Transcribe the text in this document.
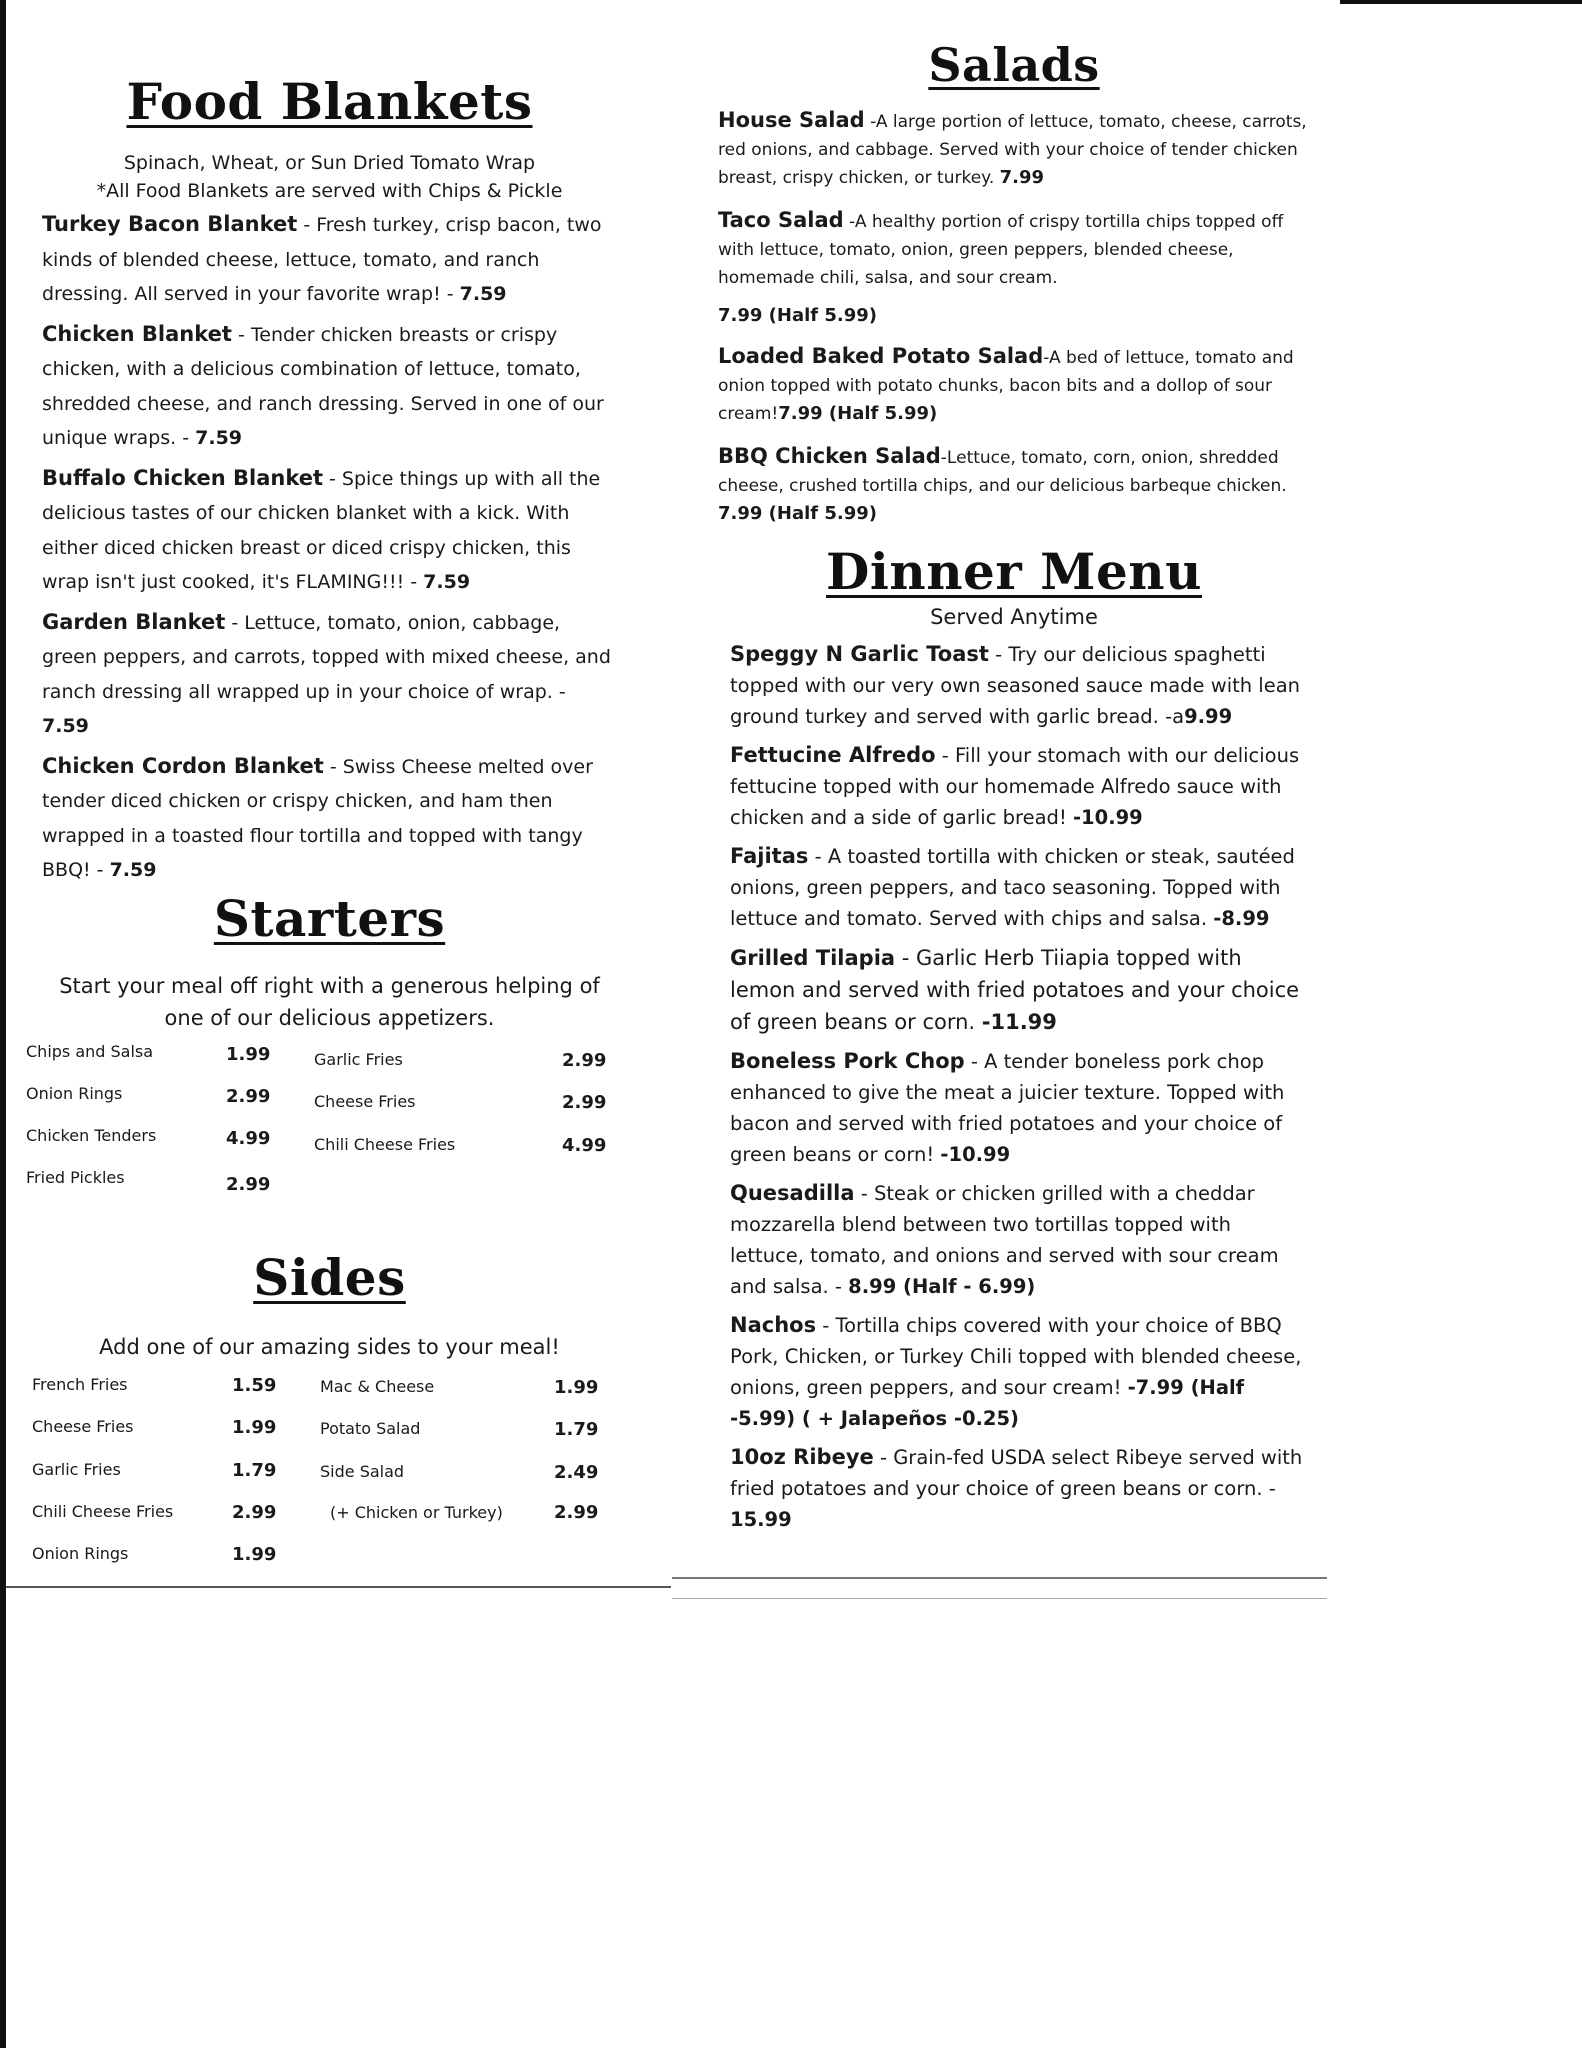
Food Blankets
Spinach, Wheat, or Sun Dried Tomato Wrap
*All Food Blankets are served with Chips & Pickle

Turkey Bacon Blanket - Fresh turkey, crisp bacon, two kinds of blended cheese, lettuce, tomato, and ranch dressing. All served in your favorite wrap! - 7.59

Chicken Blanket - Tender chicken breasts or crispy chicken, with a delicious combination of lettuce, tomato, shredded cheese, and ranch dressing. Served in one of our unique wraps. - 7.59

Buffalo Chicken Blanket - Spice things up with all the delicious tastes of our chicken blanket with a kick. With either diced chicken breast or diced crispy chicken, this wrap isn't just cooked, it's FLAMING!!! - 7.59

Garden Blanket - Lettuce, tomato, onion, cabbage, green peppers, and carrots, topped with mixed cheese, and ranch dressing all wrapped up in your choice of wrap. - 7.59

Chicken Cordon Blanket - Swiss Cheese melted over tender diced chicken or crispy chicken, and ham then wrapped in a toasted flour tortilla and topped with tangy BBQ! - 7.59

Starters
Start your meal off right with a generous helping of one of our delicious appetizers.
Chips and Salsa	1.99
Onion Rings	2.99
Chicken Tenders	4.99
Fried Pickles	2.99
Garlic Fries	2.99
Cheese Fries	2.99
Chili Cheese Fries	4.99
Sides
Add one of our amazing sides to your meal!
French Fries	1.59
Cheese Fries	1.99
Garlic Fries	1.79
Chili Cheese Fries	2.99
Onion Rings	1.99
Mac & Cheese	1.99
Potato Salad	1.79
Side Salad	2.49
(+ Chicken or Turkey)	2.99
Salads

House Salad -A large portion of lettuce, tomato, cheese, carrots, red onions, and cabbage. Served with your choice of tender chicken breast, crispy chicken, or turkey. 7.99

Taco Salad -A healthy portion of crispy tortilla chips topped off with lettuce, tomato, onion, green peppers, blended cheese, homemade chili, salsa, and sour cream.

7.99 (Half 5.99)

Loaded Baked Potato Salad-A bed of lettuce, tomato and onion topped with potato chunks, bacon bits and a dollop of sour cream!7.99 (Half 5.99)

BBQ Chicken Salad-Lettuce, tomato, corn, onion, shredded cheese, crushed tortilla chips, and our delicious barbeque chicken. 7.99 (Half 5.99)

Dinner Menu
Served Anytime

Speggy N Garlic Toast - Try our delicious spaghetti topped with our very own seasoned sauce made with lean ground turkey and served with garlic bread. -a9.99

Fettucine Alfredo - Fill your stomach with our delicious fettucine topped with our homemade Alfredo sauce with chicken and a side of garlic bread! -10.99

Fajitas - A toasted tortilla with chicken or steak, sautéed onions, green peppers, and taco seasoning. Topped with lettuce and tomato. Served with chips and salsa. -8.99

Grilled Tilapia - Garlic Herb Tiiapia topped with lemon and served with fried potatoes and your choice of green beans or corn. -11.99

Boneless Pork Chop - A tender boneless pork chop enhanced to give the meat a juicier texture. Topped with bacon and served with fried potatoes and your choice of green beans or corn! -10.99

Quesadilla - Steak or chicken grilled with a cheddar mozzarella blend between two tortillas topped with lettuce, tomato, and onions and served with sour cream and salsa. - 8.99 (Half - 6.99)

Nachos - Tortilla chips covered with your choice of BBQ Pork, Chicken, or Turkey Chili topped with blended cheese, onions, green peppers, and sour cream! -7.99 (Half -5.99) ( + Jalapeños -0.25)

10oz Ribeye - Grain-fed USDA select Ribeye served with fried potatoes and your choice of green beans or corn. - 15.99
